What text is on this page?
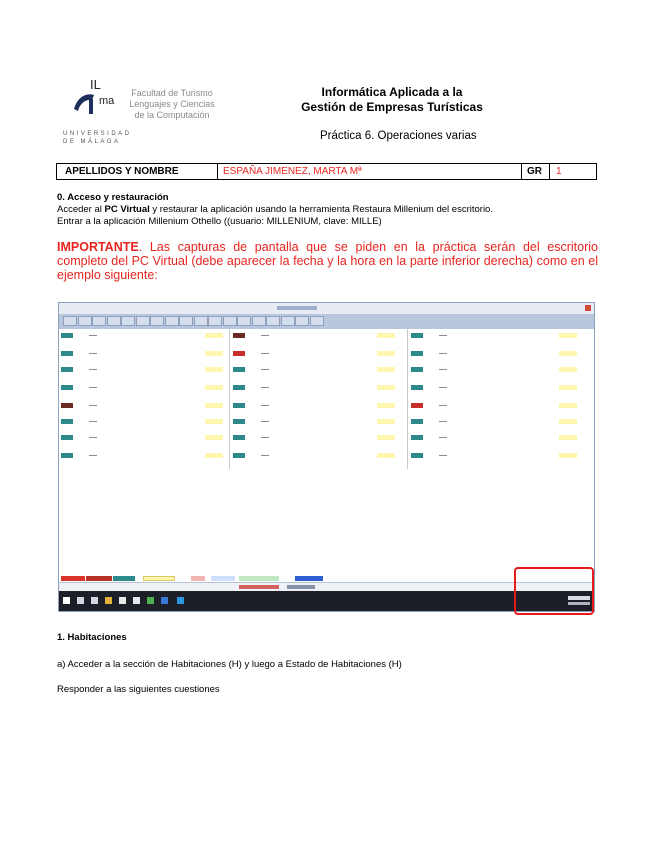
IL
ma
Facultad de Turismo
Lenguajes y Ciencias
de la Computación
UNIVERSIDAD
DE MÁLAGA
Informática Aplicada a la
Gestión de Empresas Turísticas
Práctica 6. Operaciones varias
APELLIDOS Y NOMBRE	ESPAÑA JIMENEZ, MARTA Mª	GR 1
0. Acceso y restauración
Acceder al PC Virtual y restaurar la aplicación usando la herramienta Restaura Millenium del escritorio.
Entrar a la aplicación Millenium Othello ((usuario: MILLENIUM, clave: MILLE)
IMPORTANTE. Las capturas de pantalla que se piden en la práctica serán del escritorio completo del PC Virtual (debe aparecer la fecha y la hora en la parte inferior derecha) como en el ejemplo siguiente:
1. Habitaciones
a) Acceder a la sección de Habitaciones (H) y luego a Estado de Habitaciones (H)
Responder a las siguientes cuestiones
